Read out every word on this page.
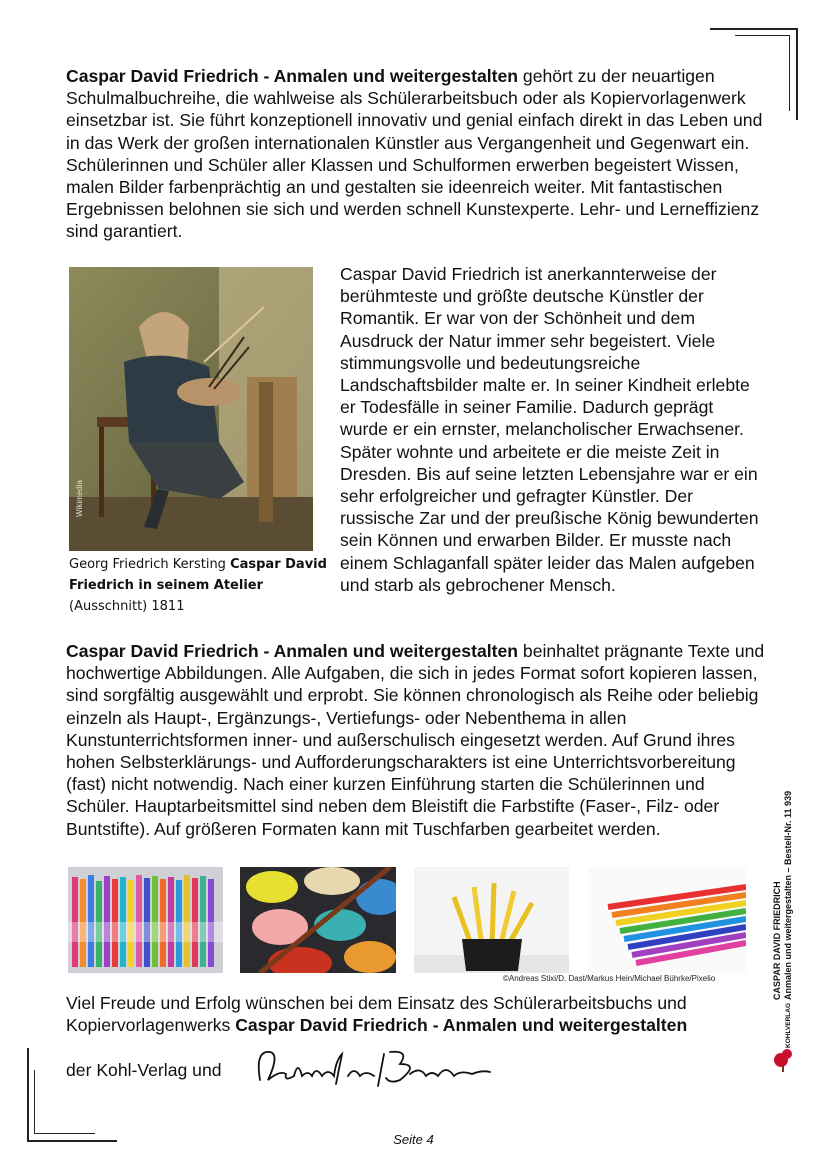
Caspar David Friedrich - Anmalen und weitergestalten gehört zu der neuartigen Schulmalbuchreihe, die wahlweise als Schülerarbeitsbuch oder als Kopiervorlagenwerk einsetzbar ist. Sie führt konzeptionell innovativ und genial einfach direkt in das Leben und in das Werk der großen internationalen Künstler aus Vergangenheit und Gegenwart ein. Schülerinnen und Schüler aller Klassen und Schulformen erwerben begeistert Wissen, malen Bilder farbenprächtig an und gestalten sie ideenreich weiter. Mit fantastischen Ergebnissen belohnen sie sich und werden schnell Kunstexperte. Lehr- und Lerneffizienz sind garantiert.

Wikimedia

Georg Friedrich Kersting Caspar David Friedrich in seinem Atelier (Ausschnitt) 1811

Caspar David Friedrich ist anerkannterweise der berühmteste und größte deutsche Künstler der Romantik. Er war von der Schönheit und dem Ausdruck der Natur immer sehr begeistert. Viele stimmungsvolle und bedeutungsreiche Landschaftsbilder malte er. In seiner Kindheit erlebte er Todesfälle in seiner Familie. Dadurch geprägt wurde er ein ernster, melancholischer Erwachsener. Später wohnte und arbeitete er die meiste Zeit in Dresden. Bis auf seine letzten Lebensjahre war er ein sehr erfolgreicher und gefragter Künstler. Der russische Zar und der preußische König bewunderten sein Können und erwarben Bilder. Er musste nach einem Schlaganfall später leider das Malen aufgeben und starb als gebrochener Mensch.

Caspar David Friedrich - Anmalen und weitergestalten beinhaltet prägnante Texte und hochwertige Abbildungen. Alle Aufgaben, die sich in jedes Format sofort kopieren lassen, sind sorgfältig ausgewählt und erprobt. Sie können chronologisch als Reihe oder beliebig einzeln als Haupt-, Ergänzungs-, Vertiefungs- oder Nebenthema in allen Kunstunterrichtsformen inner- und außerschulisch eingesetzt werden. Auf Grund ihres hohen Selbsterklärungs- und Aufforderungscharakters ist eine Unterrichtsvorbereitung (fast) nicht notwendig. Nach einer kurzen Einführung starten die Schülerinnen und Schüler. Hauptarbeitsmittel sind neben dem Bleistift die Farbstifte (Faser-, Filz- oder Buntstifte). Auf größeren Formaten kann mit Tuschfarben gearbeitet werden.

©Andreas Stixi/D. Dast/Markus Hein/Michael Bührke/Pixelio

Viel Freude und Erfolg wünschen bei dem Einsatz des Schülerarbeitsbuchs und Kopiervorlagenwerks Caspar David Friedrich - Anmalen und weitergestalten

der Kohl-Verlag und
CASPAR DAVID FRIEDRICH Anmalen und weitergestalten – Bestell-Nr. 11 939
KOHLVERLAG
Seite 4
